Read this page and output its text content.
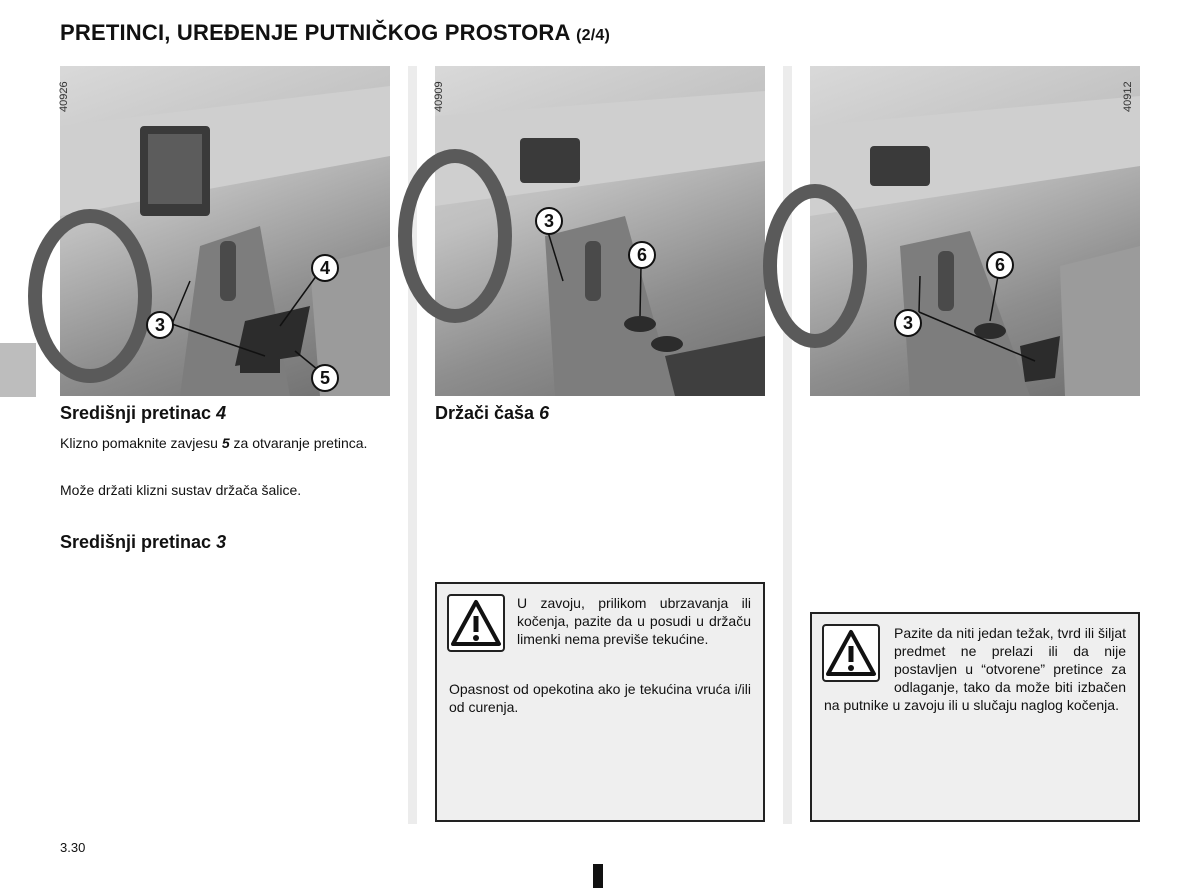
PRETINCI, UREĐENJE PUTNIČKOG PROSTORA (2/4)
40926
4
3
5
40909
3
6
40912
6
3
Središnji pretinac 4
Klizno pomaknite zavjesu 5 za otvaranje pretinca.
Može držati klizni sustav držača šalice.
Središnji pretinac 3
Držači čaša 6
U zavoju, prilikom ubrzavanja ili kočenja, pazite da u posudi u držaču limenki nema previše tekućine.
Opasnost od opekotina ako je tekućina vruća i/ili od curenja.
Pazite da niti jedan težak, tvrd ili šiljat predmet ne prelazi ili da nije postavljen u “otvorene” pretince za odlaganje, tako da može biti izbačen na putnike u zavoju ili u slučaju naglog kočenja.
3.30
